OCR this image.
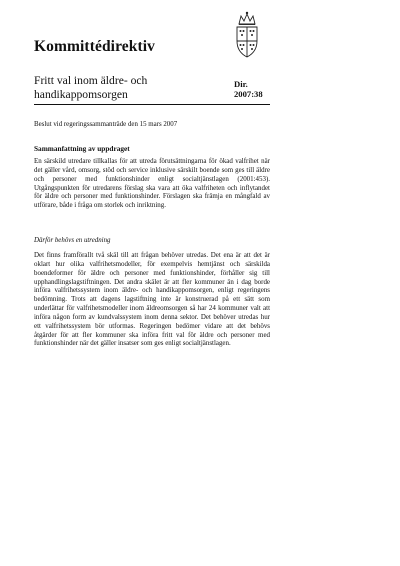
Kommittédirektiv
Fritt val inom äldre- och
handikappomsorgen
Dir.
2007:38
Beslut vid regeringssammanträde den 15 mars 2007
Sammanfattning av uppdraget
En särskild utredare tillkallas för att utreda förutsättningarna för ökad valfrihet när det gäller vård, omsorg, stöd och service inklusive särskilt boende som ges till äldre och personer med funktionshinder enligt socialtjänstlagen (2001:453). Utgångspunkten för utredarens förslag ska vara att öka valfriheten och inflytandet för äldre och personer med funktionshinder. Förslagen ska främja en mångfald av utförare, både i fråga om storlek och inriktning.
Därför behövs en utredning
Det finns framförallt två skäl till att frågan behöver utredas. Det ena är att det är oklart hur olika valfrihetsmodeller, för exempelvis hemtjänst och särskilda boendeformer för äldre och personer med funktionshinder, förhåller sig till upphandlingslagstiftningen. Det andra skälet är att fler kommuner än i dag borde införa valfrihetssystem inom äldre- och handikappomsorgen, enligt regeringens bedömning. Trots att dagens lagstiftning inte är konstruerad på ett sätt som underlättar för valfrihetsmodeller inom äldreomsorgen så har 24 kommuner valt att införa någon form av kundvalssystem inom denna sektor. Det behöver utredas hur ett valfrihetssystem bör utformas. Regeringen bedömer vidare att det behövs åtgärder för att fler kommuner ska införa fritt val för äldre och personer med funktionshinder när det gäller insatser som ges enligt socialtjänstlagen.
